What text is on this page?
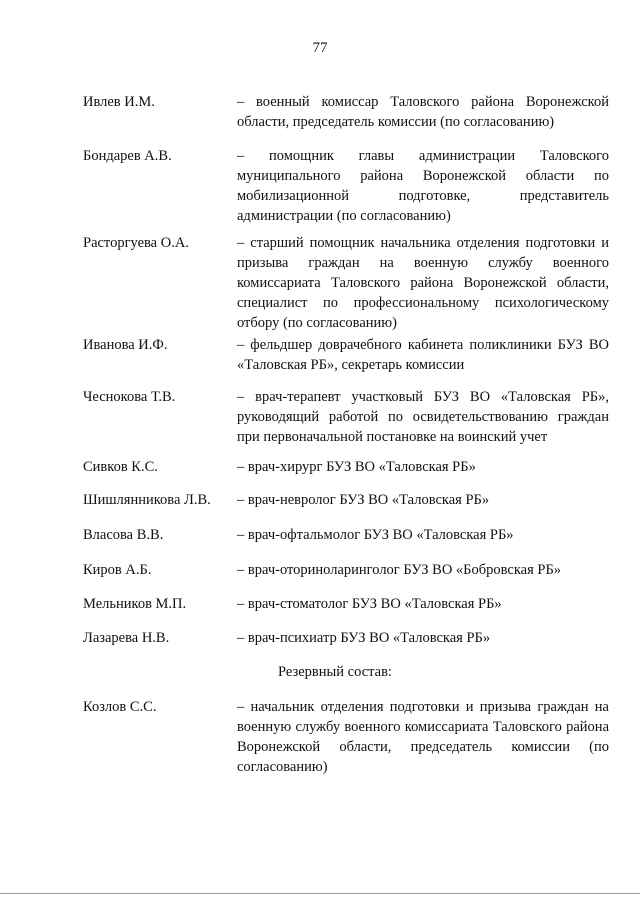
77
Ивлев И.М.	– военный комиссар Таловского района Воронежской области, председатель комиссии (по согласованию)
Бондарев А.В.	– помощник главы администрации Таловского муниципального района Воронежской области по мобилизационной подготовке, представитель администрации (по согласованию)
Расторгуева О.А.	– старший помощник начальника отделения подготовки и призыва граждан на военную службу военного комиссариата Таловского района Воронежской области, специалист по профессиональному психологическому отбору (по согласованию)
Иванова И.Ф.	– фельдшер доврачебного кабинета поликлиники БУЗ ВО «Таловская РБ», секретарь комиссии
Чеснокова Т.В.	– врач-терапевт участковый БУЗ ВО «Таловская РБ», руководящий работой по освидетельствованию граждан при первоначальной постановке на воинский учет
Сивков К.С.	– врач-хирург БУЗ ВО «Таловская РБ»
Шишлянникова Л.В.	– врач-невролог БУЗ ВО «Таловская РБ»
Власова В.В.	– врач-офтальмолог БУЗ ВО «Таловская РБ»
Киров А.Б.	– врач-оториноларинголог БУЗ ВО «Бобровская РБ»
Мельников М.П.	– врач-стоматолог БУЗ ВО «Таловская РБ»
Лазарева Н.В.	– врач-психиатр БУЗ ВО «Таловская РБ»
Резервный состав:
Козлов С.С.	– начальник отделения подготовки и призыва граждан на военную службу военного комиссариата Таловского района Воронежской области, председатель комиссии (по согласованию)
